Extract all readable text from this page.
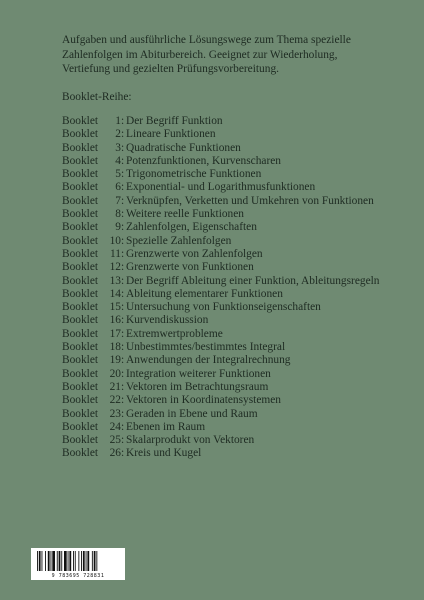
Aufgaben und ausführliche Lösungswege zum Thema spezielle

Zahlenfolgen im Abiturbereich. Geeignet zur Wiederholung,

Vertiefung und gezielten Prüfungsvorbereitung.

Booklet-Reihe:

Booklet	1 : Der Begriff Funktion
Booklet	2 : Lineare Funktionen
Booklet	3 : Quadratische Funktionen
Booklet	4 : Potenzfunktionen, Kurvenscharen
Booklet	5 : Trigonometrische Funktionen
Booklet	6 : Exponential- und Logarithmusfunktionen
Booklet	7 : Verknüpfen, Verketten und Umkehren von Funktionen
Booklet	8 : Weitere reelle Funktionen
Booklet	9 : Zahlenfolgen, Eigenschaften
Booklet	10 : Spezielle Zahlenfolgen
Booklet	11 : Grenzwerte von Zahlenfolgen
Booklet	12 : Grenzwerte von Funktionen
Booklet	13 : Der Begriff Ableitung einer Funktion, Ableitungsregeln
Booklet	14 : Ableitung elementarer Funktionen
Booklet	15 : Untersuchung von Funktionseigenschaften
Booklet	16 : Kurvendiskussion
Booklet	17 : Extremwertprobleme
Booklet	18 : Unbestimmtes/bestimmtes Integral
Booklet	19 : Anwendungen der Integralrechnung
Booklet	20 : Integration weiterer Funktionen
Booklet	21 : Vektoren im Betrachtungsraum
Booklet	22 : Vektoren in Koordinatensystemen
Booklet	23 : Geraden in Ebene und Raum
Booklet	24 : Ebenen im Raum
Booklet	25 : Skalarprodukt von Vektoren
Booklet	26 : Kreis und Kugel
9 783695 728831
